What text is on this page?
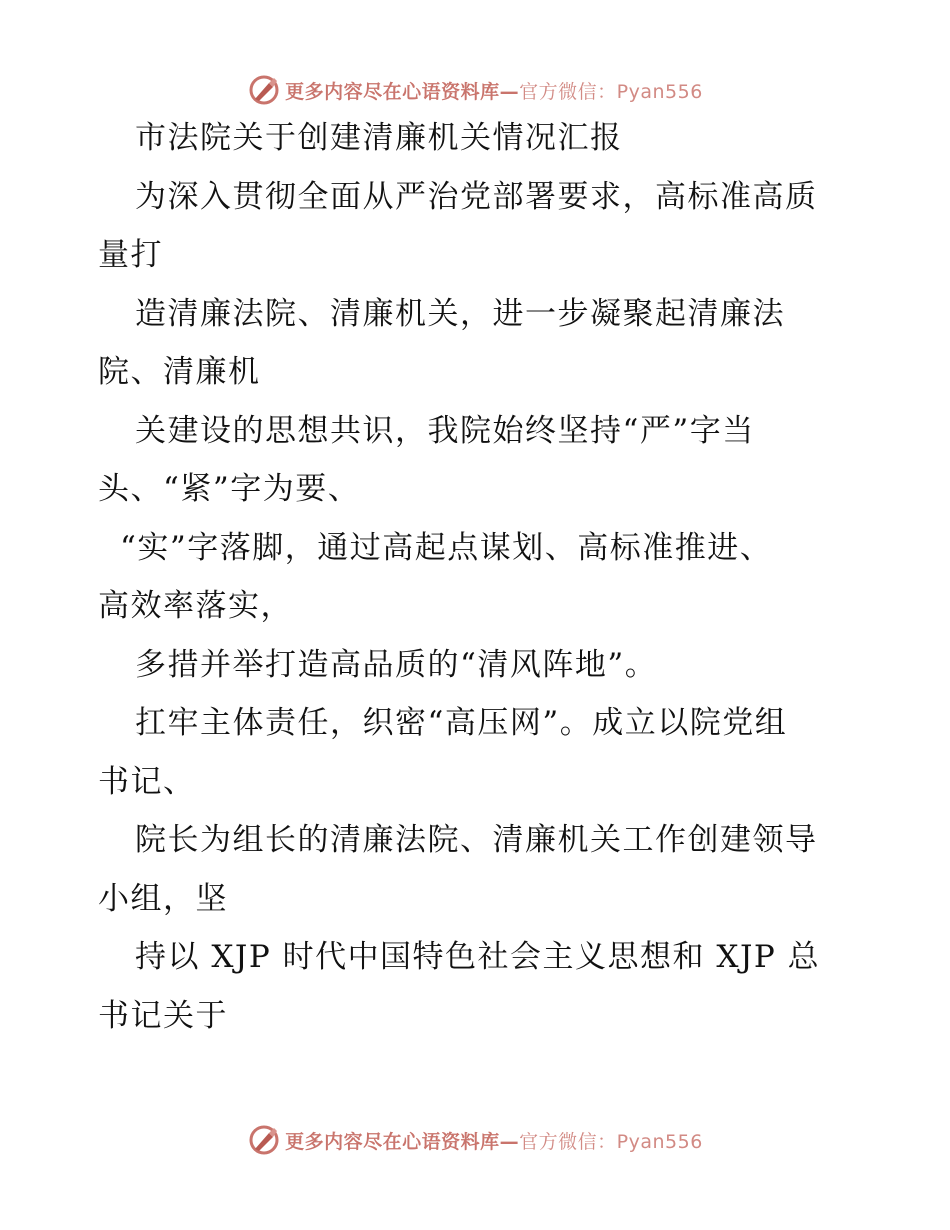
更多内容尽在心语资料库—官方微信：Pyan556
市法院关于创建清廉机关情况汇报
为深入贯彻全面从严治党部署要求，高标准高质
量打
造清廉法院、清廉机关，进一步凝聚起清廉法
院、清廉机
关建设的思想共识，我院始终坚持“严”字当
头、“紧”字为要、
“实”字落脚，通过高起点谋划、高标准推进、
高效率落实，
多措并举打造高品质的“清风阵地”。
扛牢主体责任，织密“高压网”。成立以院党组
书记、
院长为组长的清廉法院、清廉机关工作创建领导
小组，坚
持以 XJP 时代中国特色社会主义思想和 XJP 总
书记关于
更多内容尽在心语资料库—官方微信：Pyan556
